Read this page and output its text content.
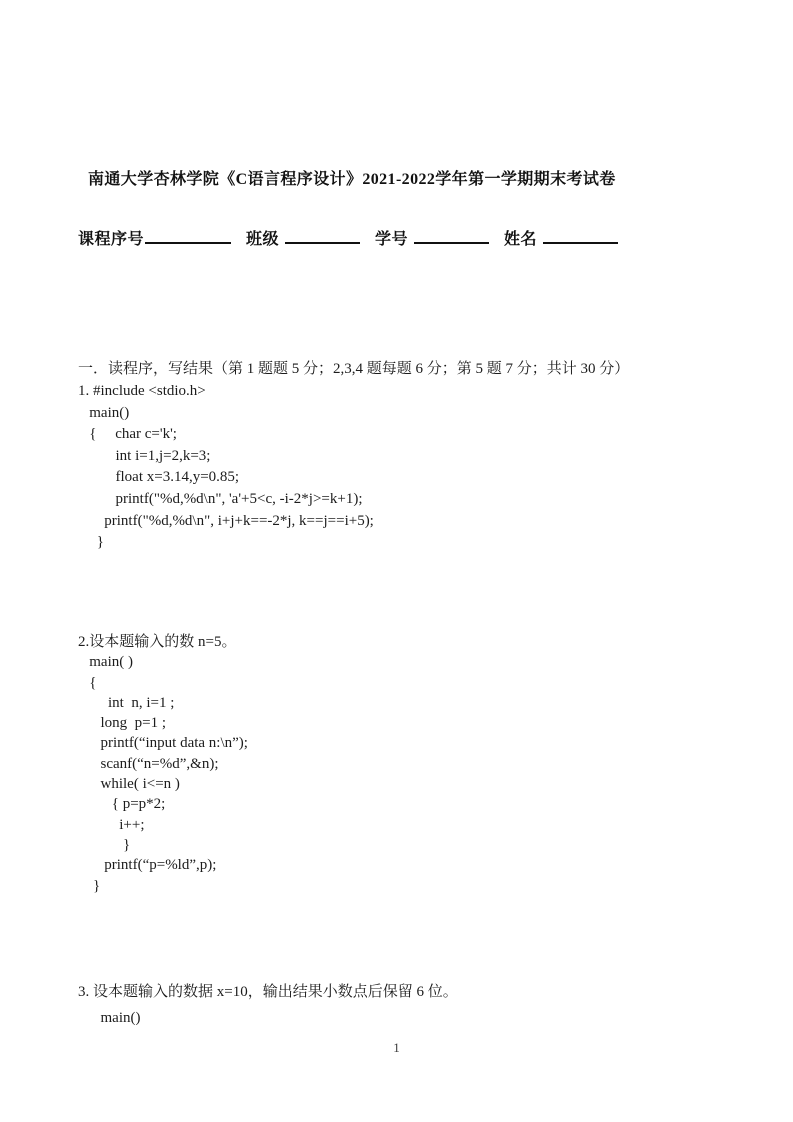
南通大学杏林学院《C语言程序设计》2021-2022学年第一学期期末考试卷
课程序号	班级	学号	姓名
一．读程序，写结果（第 1 题题 5 分；2,3,4 题每题 6 分；第 5 题 7 分；共计 30 分）
1. #include <stdio.h>
main()
{     char c='k';
int i=1,j=2,k=3;
float x=3.14,y=0.85;
printf("%d,%d\n", 'a'+5<c, -i-2*j>=k+1);
printf("%d,%d\n", i+j+k==-2*j, k==j==i+5);
}
2.设本题输入的数 n=5。
main( )
{
int  n, i=1 ;
long  p=1 ;
printf(“input data n:\n”);
scanf(“n=%d”,&n);
while( i<=n )
{ p=p*2;
i++;
}
printf(“p=%ld”,p);
}
3. 设本题输入的数据 x=10，输出结果小数点后保留 6 位。
main()
1
